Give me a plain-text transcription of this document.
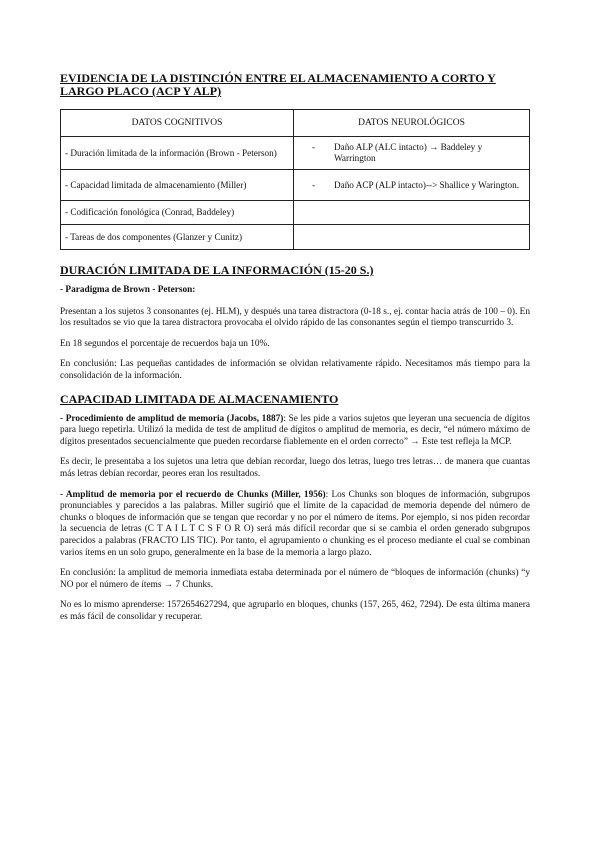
EVIDENCIA DE LA DISTINCIÓN ENTRE EL ALMACENAMIENTO A CORTO Y LARGO PLACO (ACP Y ALP)
DATOS COGNITIVOS	DATOS NEUROLÓGICOS
- Duración limitada de la información (Brown - Peterson)	- Daño ALP (ALC intacto) → Baddeley y Warrington

- Capacidad limitada de almacenamiento (Miller)	- Daño ACP (ALP intacto)--> Shallice y Warington.

- Codificación fonológica (Conrad, Baddeley)	
- Tareas de dos componentes (Glanzer y Cunitz)	
DURACIÓN LIMITADA DE LA INFORMACIÓN (15-20 S.)

- Paradigma de Brown - Peterson:

Presentan a los sujetos 3 consonantes (ej. HLM), y después una tarea distractora (0-18 s., ej. contar hacia atrás de 100 – 0). En los resultados se vio que la tarea distractora provocaba el olvido rápido de las consonantes según el tiempo transcurrido 3.

En 18 segundos el porcentaje de recuerdos baja un 10%.

En conclusión: Las pequeñas cantidades de información se olvidan relativamente rápido. Necesitamos más tiempo para la consolidación de la información.

CAPACIDAD LIMITADA DE ALMACENAMIENTO

- Procedimiento de amplitud de memoria (Jacobs, 1887): Se les pide a varios sujetos que leyeran una secuencia de dígitos para luego repetirla. Utilizó la medida de test de amplitud de dígitos o amplitud de memoria, es decir, “el número máximo de dígitos presentados secuencialmente que pueden recordarse fiablemente en el orden correcto” → Este test refleja la MCP.

Es decir, le presentaba a los sujetos una letra que debían recordar, luego dos letras, luego tres letras… de manera que cuantas más letras debían recordar, peores eran los resultados.

- Amplitud de memoria por el recuerdo de Chunks (Miller, 1956): Los Chunks son bloques de información, subgrupos pronunciables y parecidos a las palabras. Miller sugirió que el límite de la capacidad de memoria depende del número de chunks o bloques de información que se tengan que recordar y no por el número de ítems. Por ejemplo, si nos piden recordar la secuencia de letras (C T A I L T C S F O R O) será más difícil recordar que si se cambia el orden generado subgrupos parecidos a palabras (FRACTO LIS TIC). Por tanto, el agrupamiento o chunking es el proceso mediante el cual se combinan varios ítems en un solo grupo, generalmente en la base de la memoria a largo plazo.

En conclusión: la amplitud de memoria inmediata estaba determinada por el número de “bloques de información (chunks) “y NO por el número de ítems → 7 Chunks.

No es lo mismo aprenderse: 1572654627294, que agruparlo en bloques, chunks (157, 265, 462, 7294). De esta última manera es más fácil de consolidar y recuperar.
